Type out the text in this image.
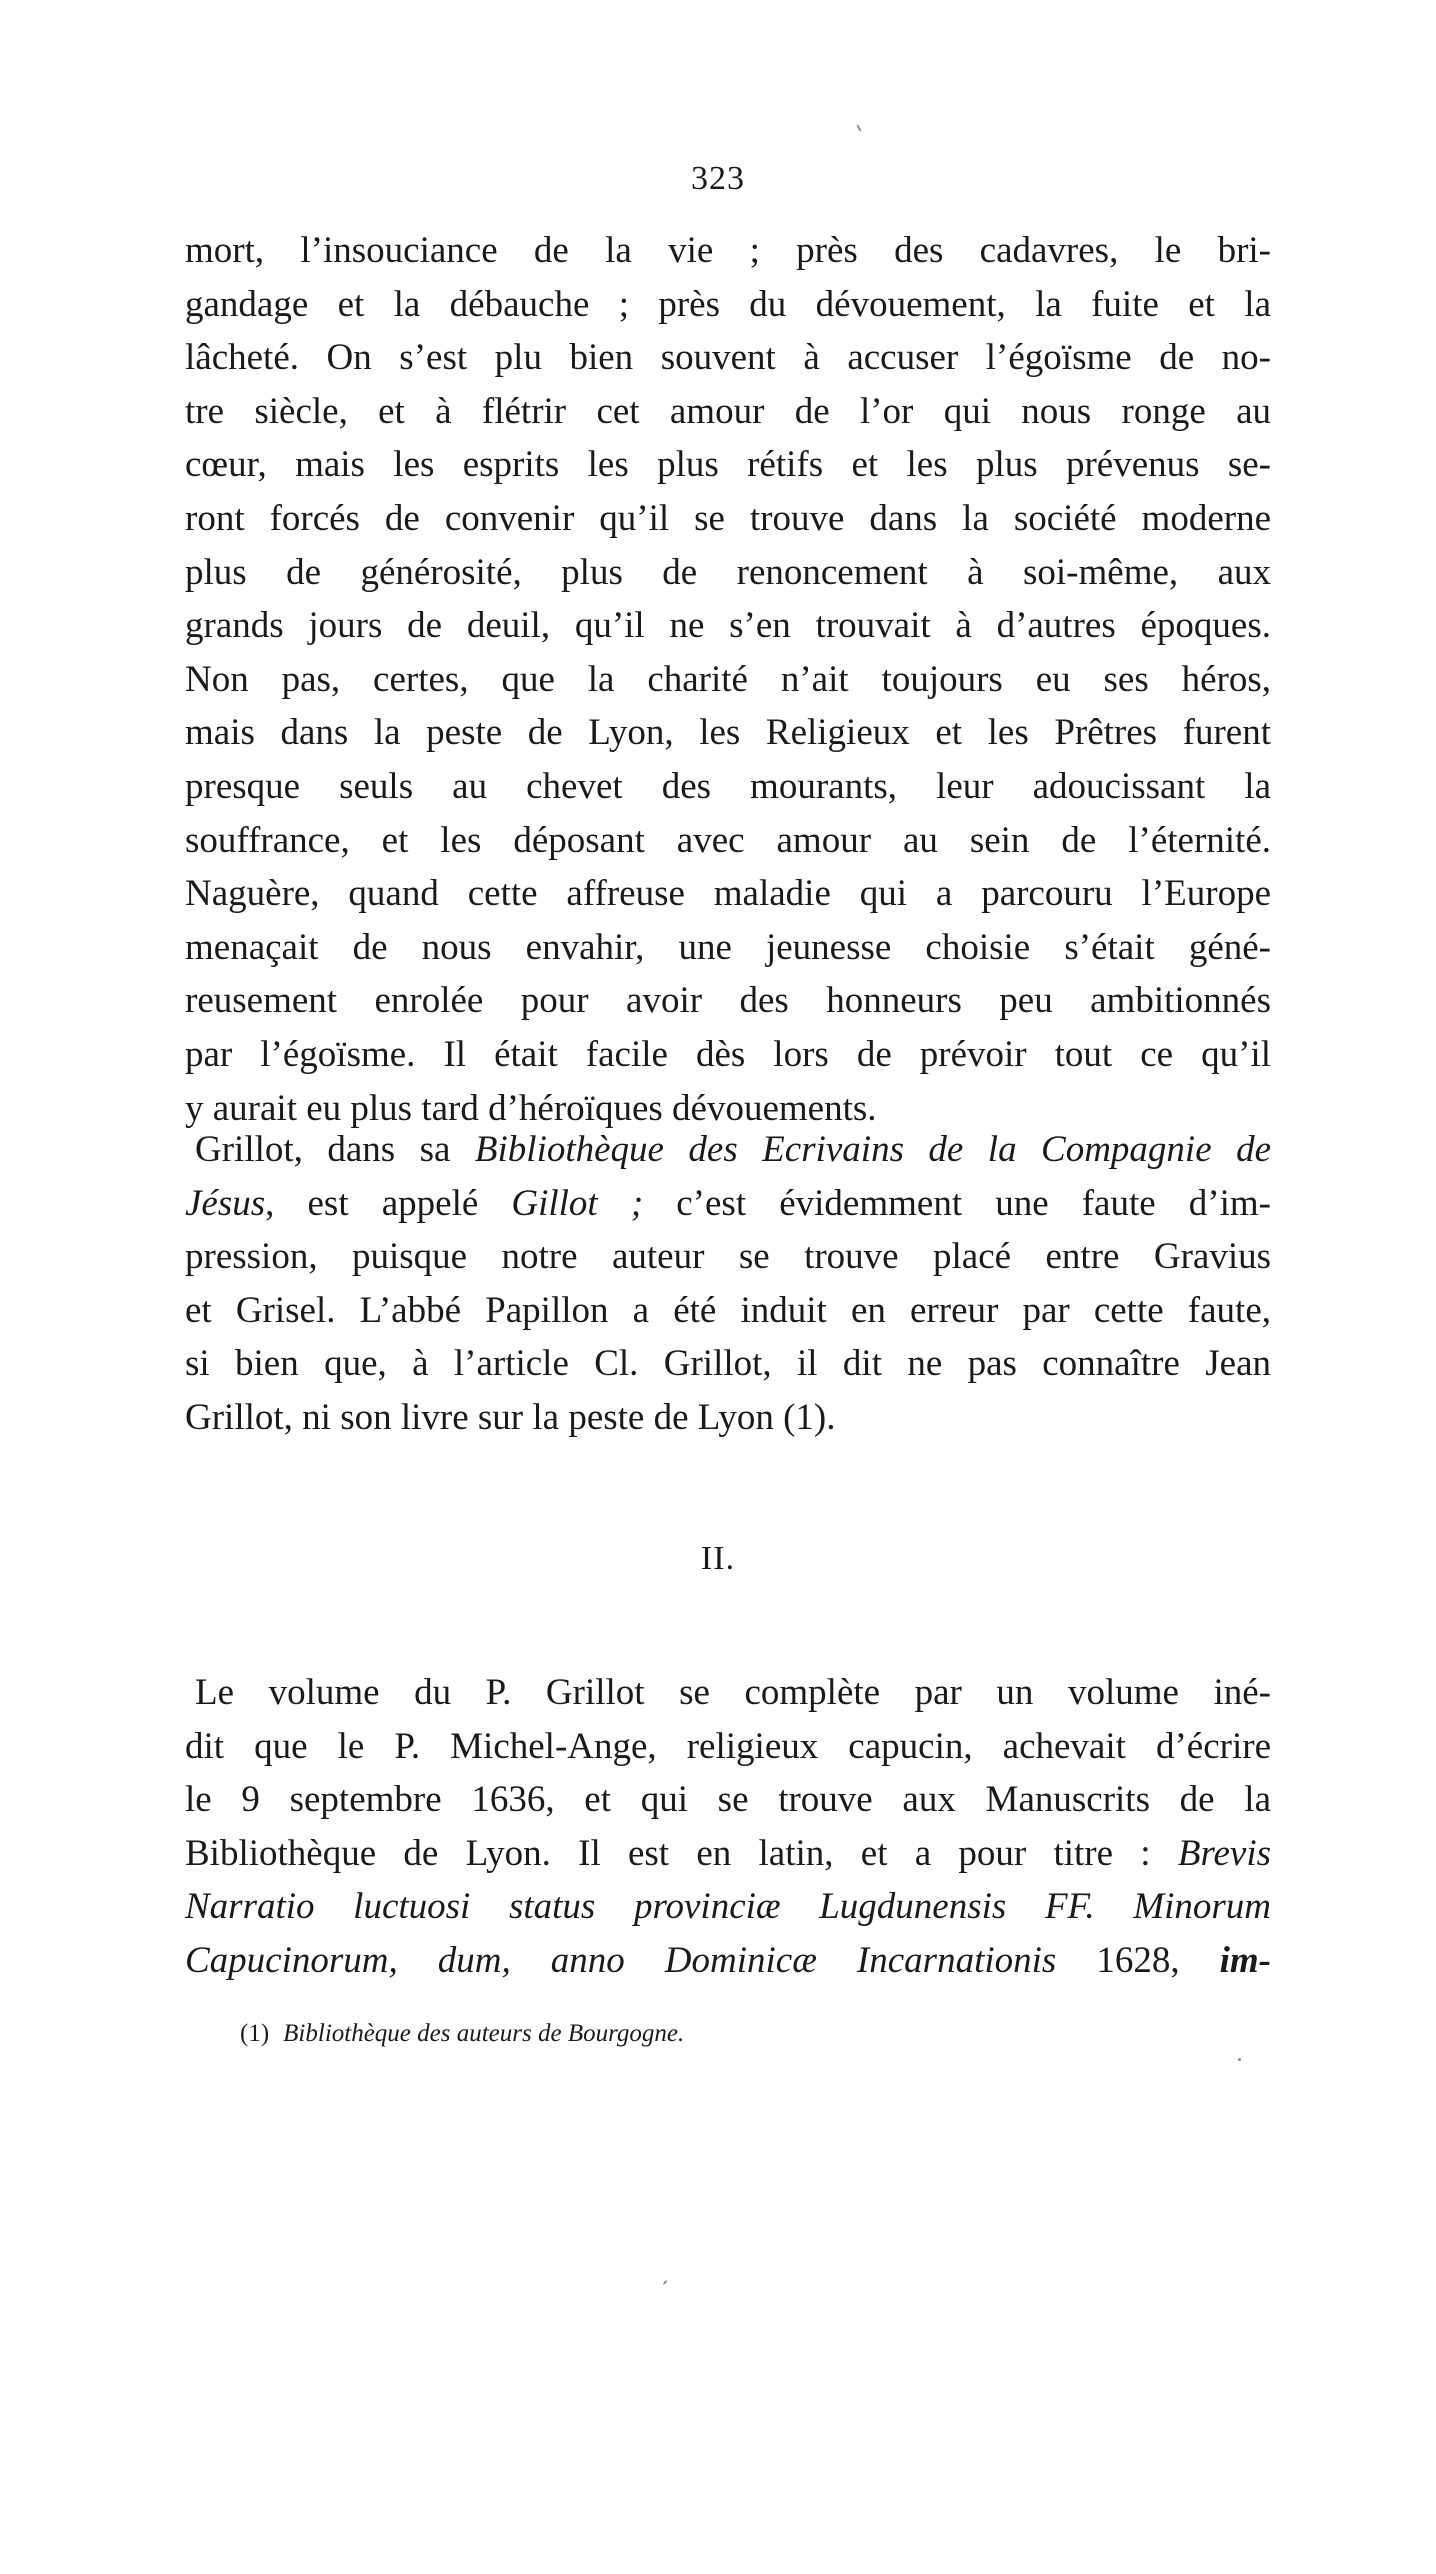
323
mort, l’insouciance de la vie ; près des cadavres, le bri-
gandage et la débauche ; près du dévouement, la fuite et la
lâcheté. On s’est plu bien souvent à accuser l’égoïsme de no-
tre siècle, et à flétrir cet amour de l’or qui nous ronge au
cœur, mais les esprits les plus rétifs et les plus prévenus se-
ront forcés de convenir qu’il se trouve dans la société moderne
plus de générosité, plus de renoncement à soi-même, aux
grands jours de deuil, qu’il ne s’en trouvait à d’autres époques.
Non pas, certes, que la charité n’ait toujours eu ses héros,
mais dans la peste de Lyon, les Religieux et les Prêtres furent
presque seuls au chevet des mourants, leur adoucissant la
souffrance, et les déposant avec amour au sein de l’éternité.
Naguère, quand cette affreuse maladie qui a parcouru l’Europe
menaçait de nous envahir, une jeunesse choisie s’était géné-
reusement enrolée pour avoir des honneurs peu ambitionnés
par l’égoïsme. Il était facile dès lors de prévoir tout ce qu’il
y aurait eu plus tard d’héroïques dévouements.
Grillot, dans sa Bibliothèque des Ecrivains de la Compagnie de
Jésus, est appelé Gillot ; c’est évidemment une faute d’im-
pression, puisque notre auteur se trouve placé entre Gravius
et Grisel. L’abbé Papillon a été induit en erreur par cette faute,
si bien que, à l’article Cl. Grillot, il dit ne pas connaître Jean
Grillot, ni son livre sur la peste de Lyon (1).
II.
Le volume du P. Grillot se complète par un volume iné-
dit que le P. Michel-Ange, religieux capucin, achevait d’écrire
le 9 septembre 1636, et qui se trouve aux Manuscrits de la
Bibliothèque de Lyon. Il est en latin, et a pour titre : Brevis
Narratio luctuosi status provinciæ Lugdunensis FF. Minorum
Capucinorum, dum, anno Dominicæ Incarnationis 1628, im-
(1) Bibliothèque des auteurs de Bourgogne.
